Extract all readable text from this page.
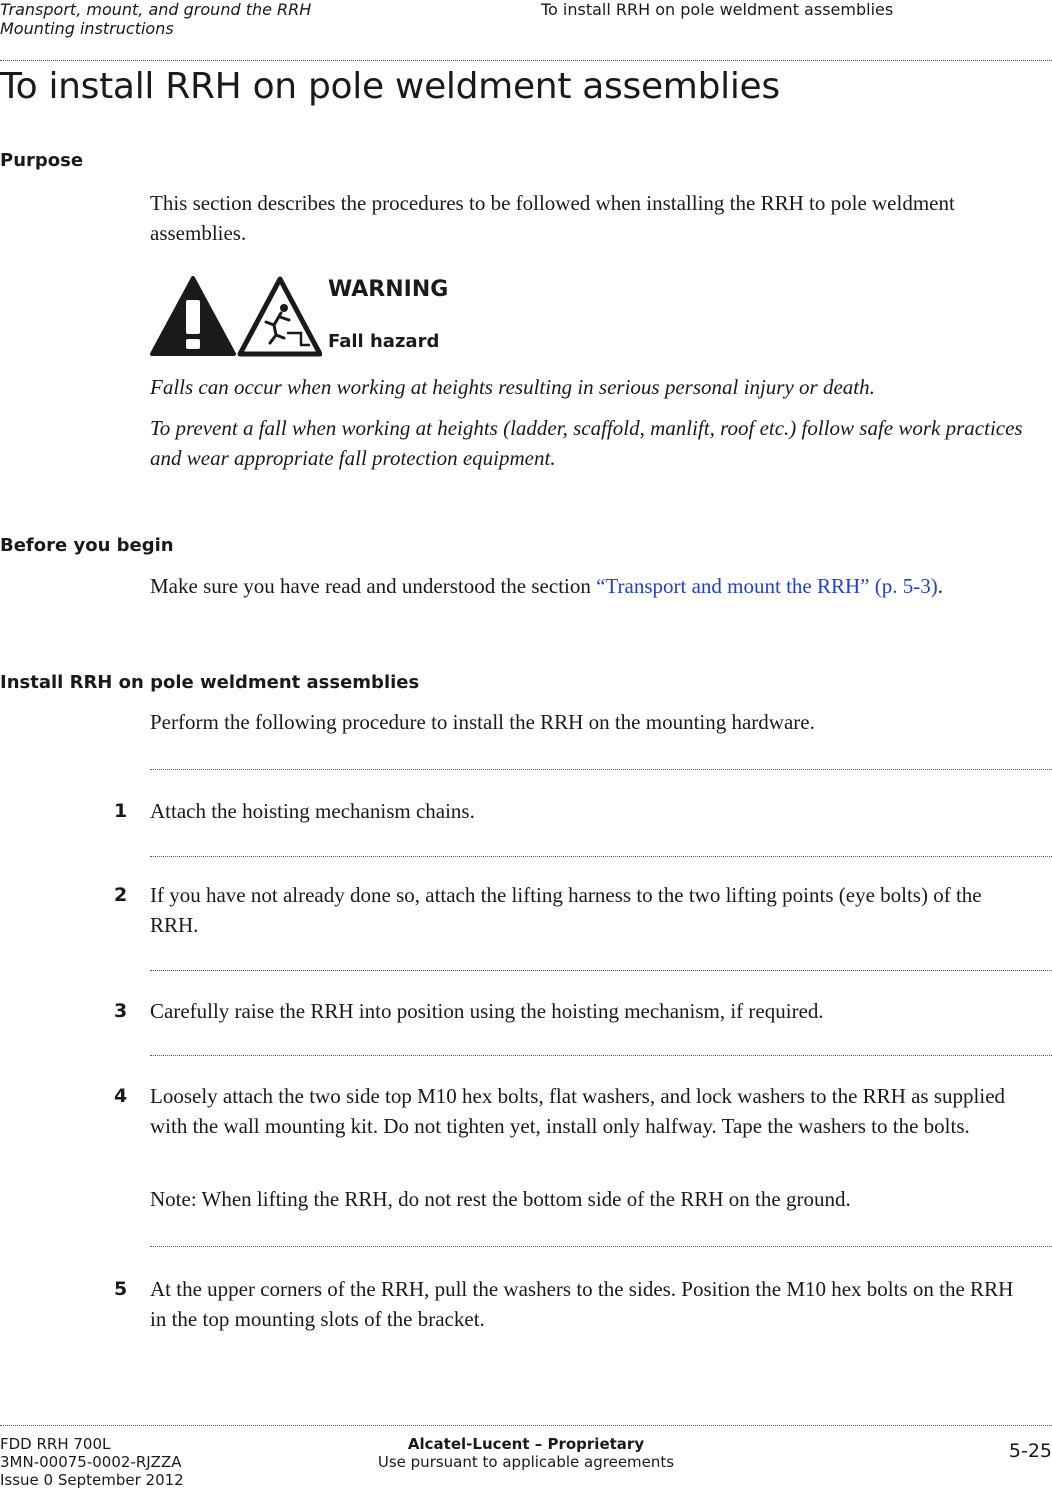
Transport, mount, and ground the RRH
Mounting instructions
To install RRH on pole weldment assemblies
To install RRH on pole weldment assemblies
Purpose

This section describes the procedures to be followed when installing the RRH to pole weldment assemblies.

WARNING
Fall hazard

Falls can occur when working at heights resulting in serious personal injury or death.

To prevent a fall when working at heights (ladder, scaffold, manlift, roof etc.) follow safe work practices and wear appropriate fall protection equipment.

Before you begin

Make sure you have read and understood the section “Transport and mount the RRH” (p. 5-3).

Install RRH on pole weldment assemblies

Perform the following procedure to install the RRH on the mounting hardware.

1	Attach the hoisting mechanism chains.

2	If you have not already done so, attach the lifting harness to the two lifting points (eye bolts) of the RRH.

3	Carefully raise the RRH into position using the hoisting mechanism, if required.

4	Loosely attach the two side top M10 hex bolts, flat washers, and lock washers to the RRH as supplied with the wall mounting kit. Do not tighten yet, install only halfway. Tape the washers to the bolts.

Note: When lifting the RRH, do not rest the bottom side of the RRH on the ground.

5	At the upper corners of the RRH, pull the washers to the sides. Position the M10 hex bolts on the RRH in the top mounting slots of the bracket.

FDD RRH 700L
3MN-00075-0002-RJZZA
Issue 0 September 2012
Alcatel-Lucent – Proprietary
Use pursuant to applicable agreements	5-25
